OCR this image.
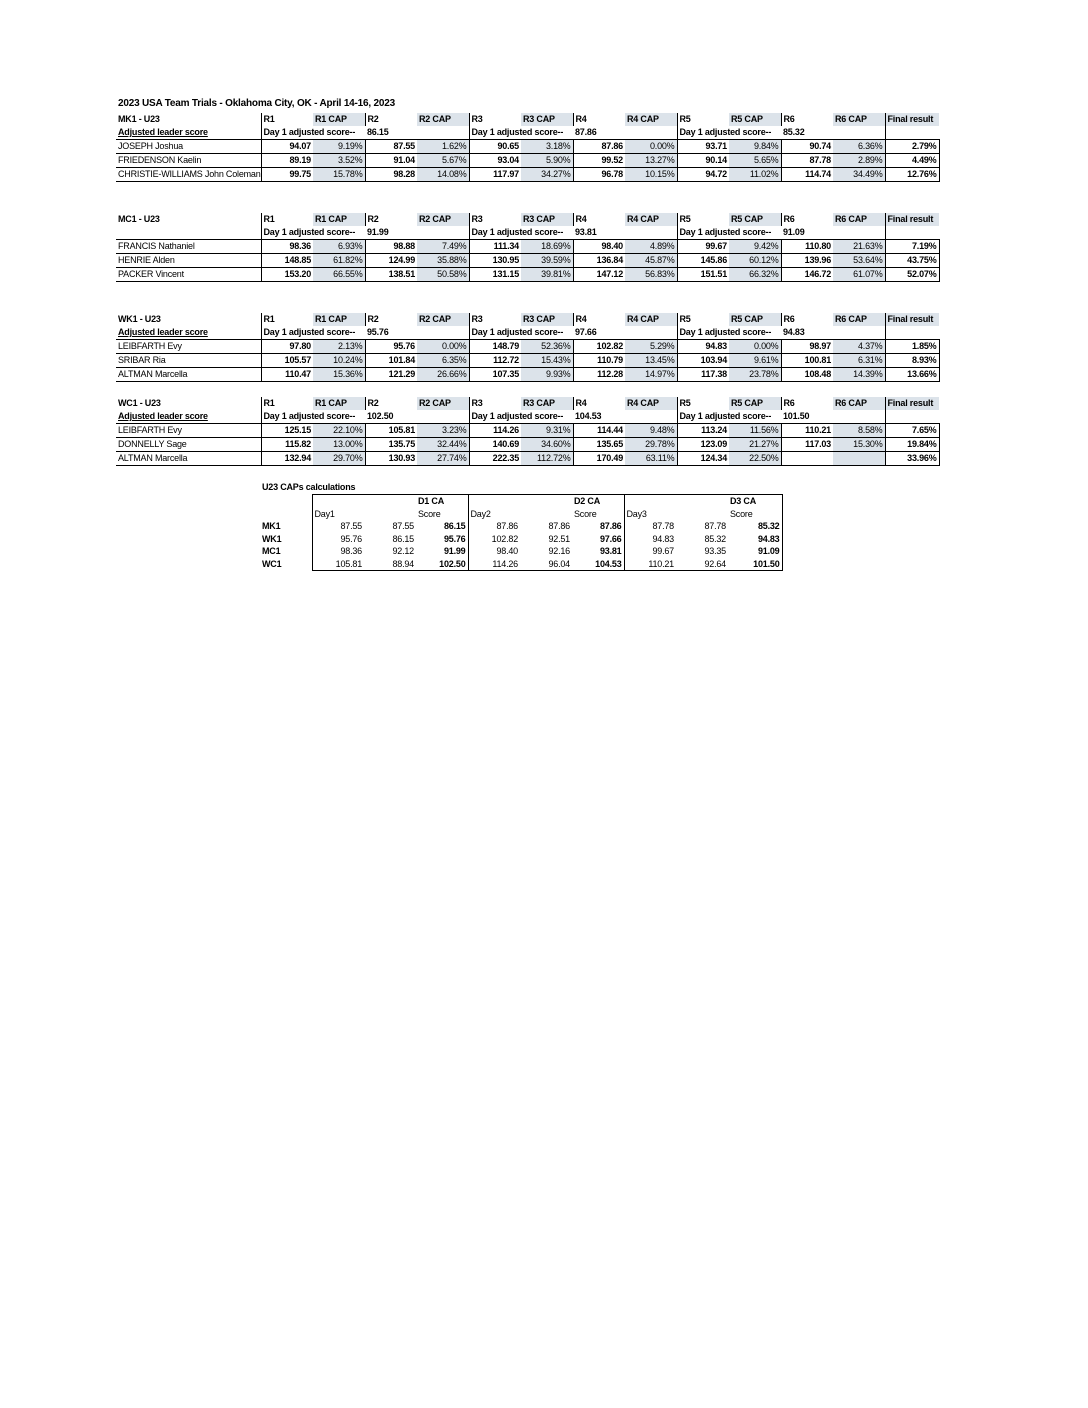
2023 USA Team Trials - Oklahoma City, OK - April 14-16, 2023
MK1 - U23	R1	R1 CAP	R2	R2 CAP	R3	R3 CAP	R4	R4 CAP	R5	R5 CAP	R6	R6 CAP	Final result
Adjusted leader score	Day 1 adjusted score--		86.15		Day 1 adjusted score--		87.86		Day 1 adjusted score--		85.32		
JOSEPH Joshua	94.07	9.19%	87.55	1.62%	90.65	3.18%	87.86	0.00%	93.71	9.84%	90.74	6.36%	2.79%
FRIEDENSON Kaelin	89.19	3.52%	91.04	5.67%	93.04	5.90%	99.52	13.27%	90.14	5.65%	87.78	2.89%	4.49%
CHRISTIE-WILLIAMS John Coleman	99.75	15.78%	98.28	14.08%	117.97	34.27%	96.78	10.15%	94.72	11.02%	114.74	34.49%	12.76%
MC1 - U23	R1	R1 CAP	R2	R2 CAP	R3	R3 CAP	R4	R4 CAP	R5	R5 CAP	R6	R6 CAP	Final result
	Day 1 adjusted score--		91.99		Day 1 adjusted score--		93.81		Day 1 adjusted score--		91.09		
FRANCIS Nathaniel	98.36	6.93%	98.88	7.49%	111.34	18.69%	98.40	4.89%	99.67	9.42%	110.80	21.63%	7.19%
HENRIE Alden	148.85	61.82%	124.99	35.88%	130.95	39.59%	136.84	45.87%	145.86	60.12%	139.96	53.64%	43.75%
PACKER Vincent	153.20	66.55%	138.51	50.58%	131.15	39.81%	147.12	56.83%	151.51	66.32%	146.72	61.07%	52.07%
WK1 - U23	R1	R1 CAP	R2	R2 CAP	R3	R3 CAP	R4	R4 CAP	R5	R5 CAP	R6	R6 CAP	Final result
Adjusted leader score	Day 1 adjusted score--		95.76		Day 1 adjusted score--		97.66		Day 1 adjusted score--		94.83		
LEIBFARTH Evy	97.80	2.13%	95.76	0.00%	148.79	52.36%	102.82	5.29%	94.83	0.00%	98.97	4.37%	1.85%
SRIBAR Ria	105.57	10.24%	101.84	6.35%	112.72	15.43%	110.79	13.45%	103.94	9.61%	100.81	6.31%	8.93%
ALTMAN Marcella	110.47	15.36%	121.29	26.66%	107.35	9.93%	112.28	14.97%	117.38	23.78%	108.48	14.39%	13.66%
WC1 - U23	R1	R1 CAP	R2	R2 CAP	R3	R3 CAP	R4	R4 CAP	R5	R5 CAP	R6	R6 CAP	Final result
Adjusted leader score	Day 1 adjusted score--		102.50		Day 1 adjusted score--		104.53		Day 1 adjusted score--		101.50		
LEIBFARTH Evy	125.15	22.10%	105.81	3.23%	114.26	9.31%	114.44	9.48%	113.24	11.56%	110.21	8.58%	7.65%
DONNELLY Sage	115.82	13.00%	135.75	32.44%	140.69	34.60%	135.65	29.78%	123.09	21.27%	117.03	15.30%	19.84%
ALTMAN Marcella	132.94	29.70%	130.93	27.74%	222.35	112.72%	170.49	63.11%	124.34	22.50%			33.96%
U23 CAPs calculations
			D1 CA			D2 CA			D3 CA
	Day1		Score	Day2		Score	Day3		Score
MK1	87.55	87.55	86.15	87.86	87.86	87.86	87.78	87.78	85.32
WK1	95.76	86.15	95.76	102.82	92.51	97.66	94.83	85.32	94.83
MC1	98.36	92.12	91.99	98.40	92.16	93.81	99.67	93.35	91.09
WC1	105.81	88.94	102.50	114.26	96.04	104.53	110.21	92.64	101.50
